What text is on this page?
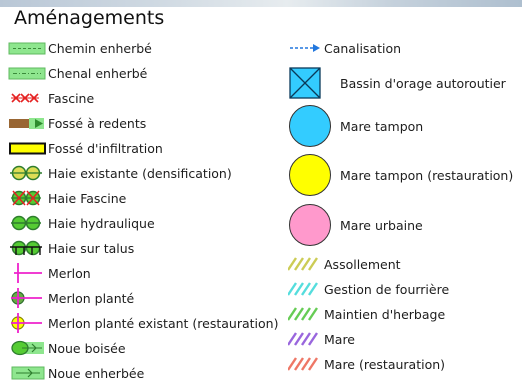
Aménagements
Chemin enherbé
Chenal enherbé
Fascine
Fossé à redents
Fossé d'infiltration
Haie existante (densification)
Haie Fascine
Haie hydraulique
Haie sur talus
Merlon
Merlon planté
Merlon planté existant (restauration)
Noue boisée
Noue enherbée
Canalisation
Bassin d'orage autoroutier
Mare tampon
Mare tampon (restauration)
Mare urbaine
Assollement
Gestion de fourrière
Maintien d'herbage
Mare
Mare (restauration)
